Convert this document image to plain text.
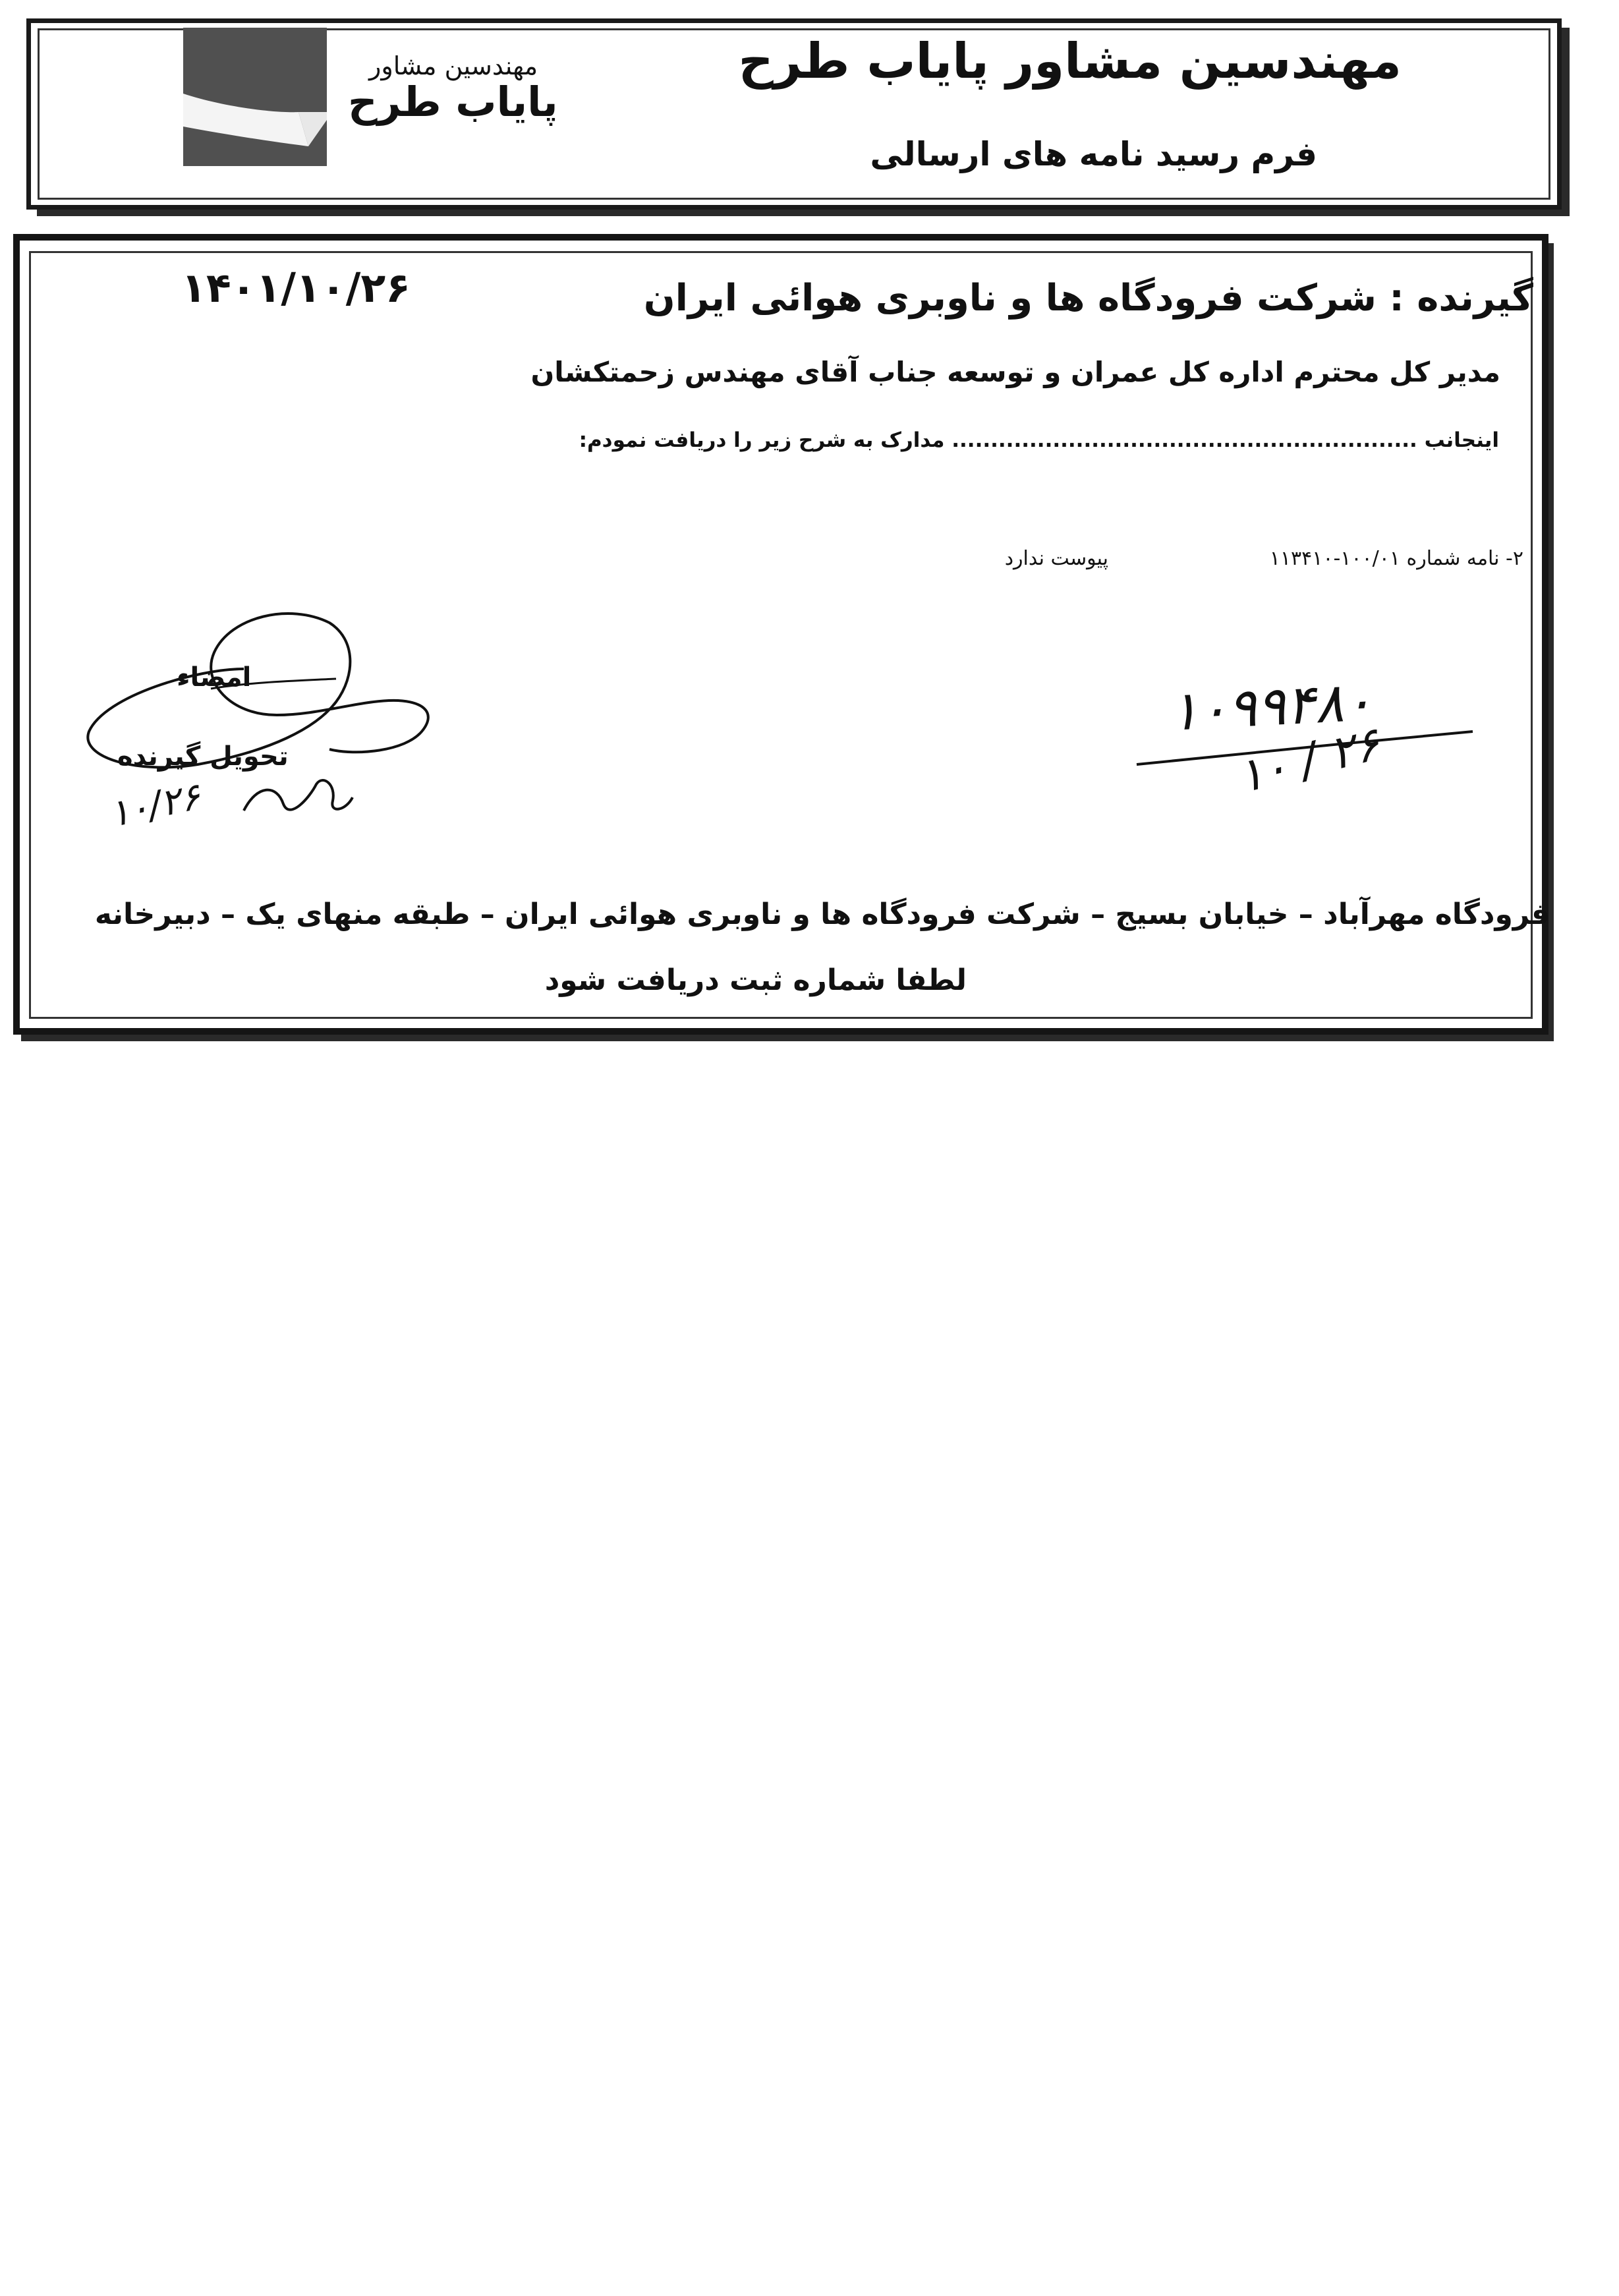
مهندسین مشاور
پایاب طرح
مهندسین مشاور پایاب طرح
فرم رسید نامه های ارسالی
۱۴۰۱/۱۰/۲۶	گیرنده : شرکت فرودگاه ها و ناوبری هوائی ایران
مدیر کل محترم اداره کل عمران و توسعه جناب آقای مهندس زحمتکشان
اینجانب ............................................................ مدارک به شرح زیر را دریافت نمودم:
۲- نامه شماره ۱۰۰/۰۱-۱۱۳۴۱۰
پیوست ندارد
امضاء
تحویل گیرنده
۱۰/۲۶
۱۰۹۹۴۸۰
۱۰ / ۲۶
فرودگاه مهرآباد – خیابان بسیج – شرکت فرودگاه ها و ناوبری هوائی ایران – طبقه منهای یک – دبیرخانه
لطفا شماره ثبت دریافت شود
